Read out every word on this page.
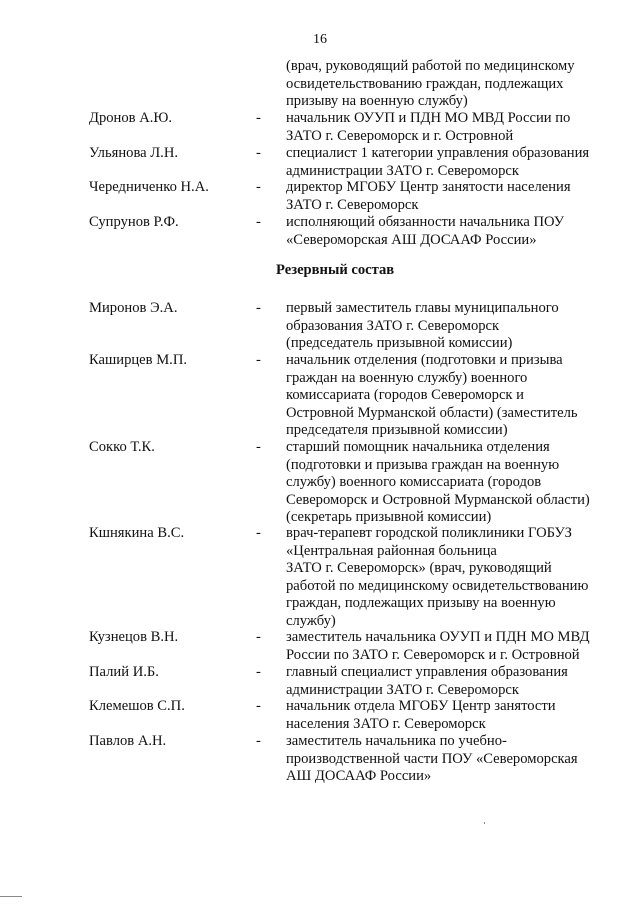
16
(врач, руководящий работой по медицинскому
освидетельствованию граждан, подлежащих
призыву на военную службу)
Дронов А.Ю.	- начальник ОУУП и ПДН МО МВД России по
ЗАТО г. Североморск и г. Островной
Ульянова Л.Н.	- специалист 1 категории управления образования
администрации ЗАТО г. Североморск
Чередниченко Н.А.	- директор МГОБУ Центр занятости населения
ЗАТО г. Североморск
Супрунов Р.Ф.	- исполняющий обязанности начальника ПОУ
«Североморская АШ ДОСААФ России»
Резервный состав
Миронов Э.А.	- первый заместитель главы муниципального
образования ЗАТО г. Североморск
(председатель призывной комиссии)
Каширцев М.П.	- начальник отделения (подготовки и призыва
граждан на военную службу) военного
комиссариата (городов Североморск и
Островной Мурманской области) (заместитель
председателя призывной комиссии)
Сокко Т.К.	- старший помощник начальника отделения
(подготовки и призыва граждан на военную
службу) военного комиссариата (городов
Североморск и Островной Мурманской области)
(секретарь призывной комиссии)
Кшнякина В.С.	- врач-терапевт городской поликлиники ГОБУЗ
«Центральная районная больница
ЗАТО г. Североморск» (врач, руководящий
работой по медицинскому освидетельствованию
граждан, подлежащих призыву на военную
службу)
Кузнецов В.Н.	- заместитель начальника ОУУП и ПДН МО МВД
России по ЗАТО г. Североморск и г. Островной
Палий И.Б.	- главный специалист управления образования
администрации ЗАТО г. Североморск
Клемешов С.П.	- начальник отдела МГОБУ Центр занятости
населения ЗАТО г. Североморск
Павлов А.Н.	- заместитель начальника по учебно-
производственной части ПОУ «Североморская
АШ ДОСААФ России»
